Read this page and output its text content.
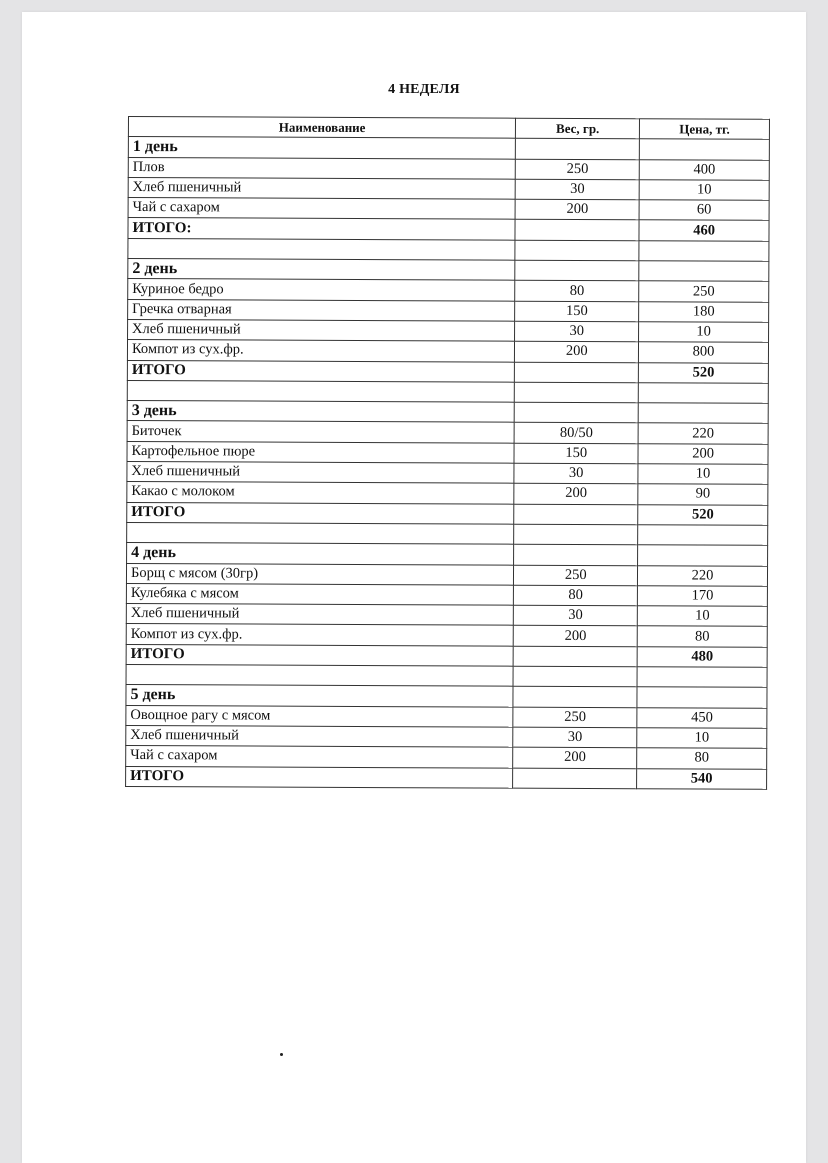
4 НЕДЕЛЯ
Наименование	Вес, гр.	Цена, тг.
1 день		
Плов	250	400
Хлеб пшеничный	30	10
Чай с сахаром	200	60
ИТОГО:		460

2 день		
Куриное бедро	80	250
Гречка отварная	150	180
Хлеб пшеничный	30	10
Компот из сух.фр.	200	800
ИТОГО		520

3 день		
Биточек	80/50	220
Картофельное пюре	150	200
Хлеб пшеничный	30	10
Какао с молоком	200	90
ИТОГО		520

4 день		
Борщ с мясом (30гр)	250	220
Кулебяка с мясом	80	170
Хлеб пшеничный	30	10
Компот из сух.фр.	200	80
ИТОГО		480

5 день		
Овощное рагу с мясом	250	450
Хлеб пшеничный	30	10
Чай с сахаром	200	80
ИТОГО		540
